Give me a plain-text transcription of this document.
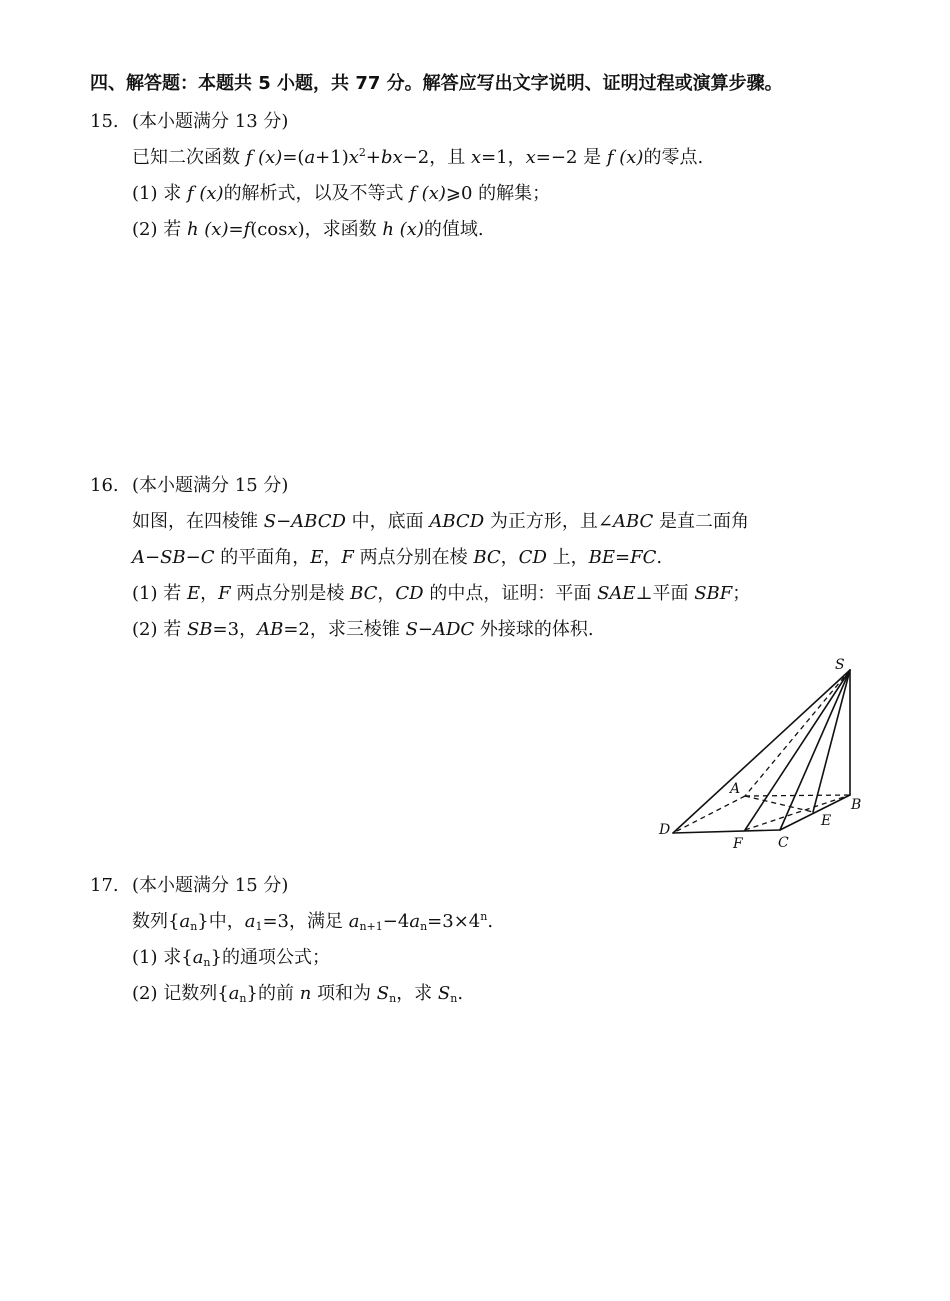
四、解答题：本题共 5 小题，共 77 分。解答应写出文字说明、证明过程或演算步骤。
15. (本小题满分 13 分)
已知二次函数 f $(x)=(a+1)x^2+bx-2$，且 x=1，x=−2 是 f (x)的零点.
(1) 求 f (x)的解析式，以及不等式 f (x)⩾0 的解集；
(2) 若 h (x)=f(cosx)，求函数 h (x)的值域.
16. (本小题满分 15 分)
如图，在四棱锥 S−ABCD 中，底面 ABCD 为正方形，且∠ABC 是直二面角
A−SB−C 的平面角，E，F 两点分别在棱 BC，CD 上，BE=FC.
(1) 若 E，F 两点分别是棱 BC，CD 的中点，证明：平面 SAE⊥平面 SBF；
(2) 若 SB=3，AB=2，求三棱锥 S−ADC 外接球的体积.
S
A
B
C
D
E
F
17. (本小题满分 15 分)
数列$\{a_n\}$中，$a_1=3$，满足 $a_{n+1}-4a_n=3\times 4^n$.
(1) 求$\{a_n\}$的通项公式；
(2) 记数列$\{a_n\}$的前 n 项和为 $S_n$，求 $S_n$.
